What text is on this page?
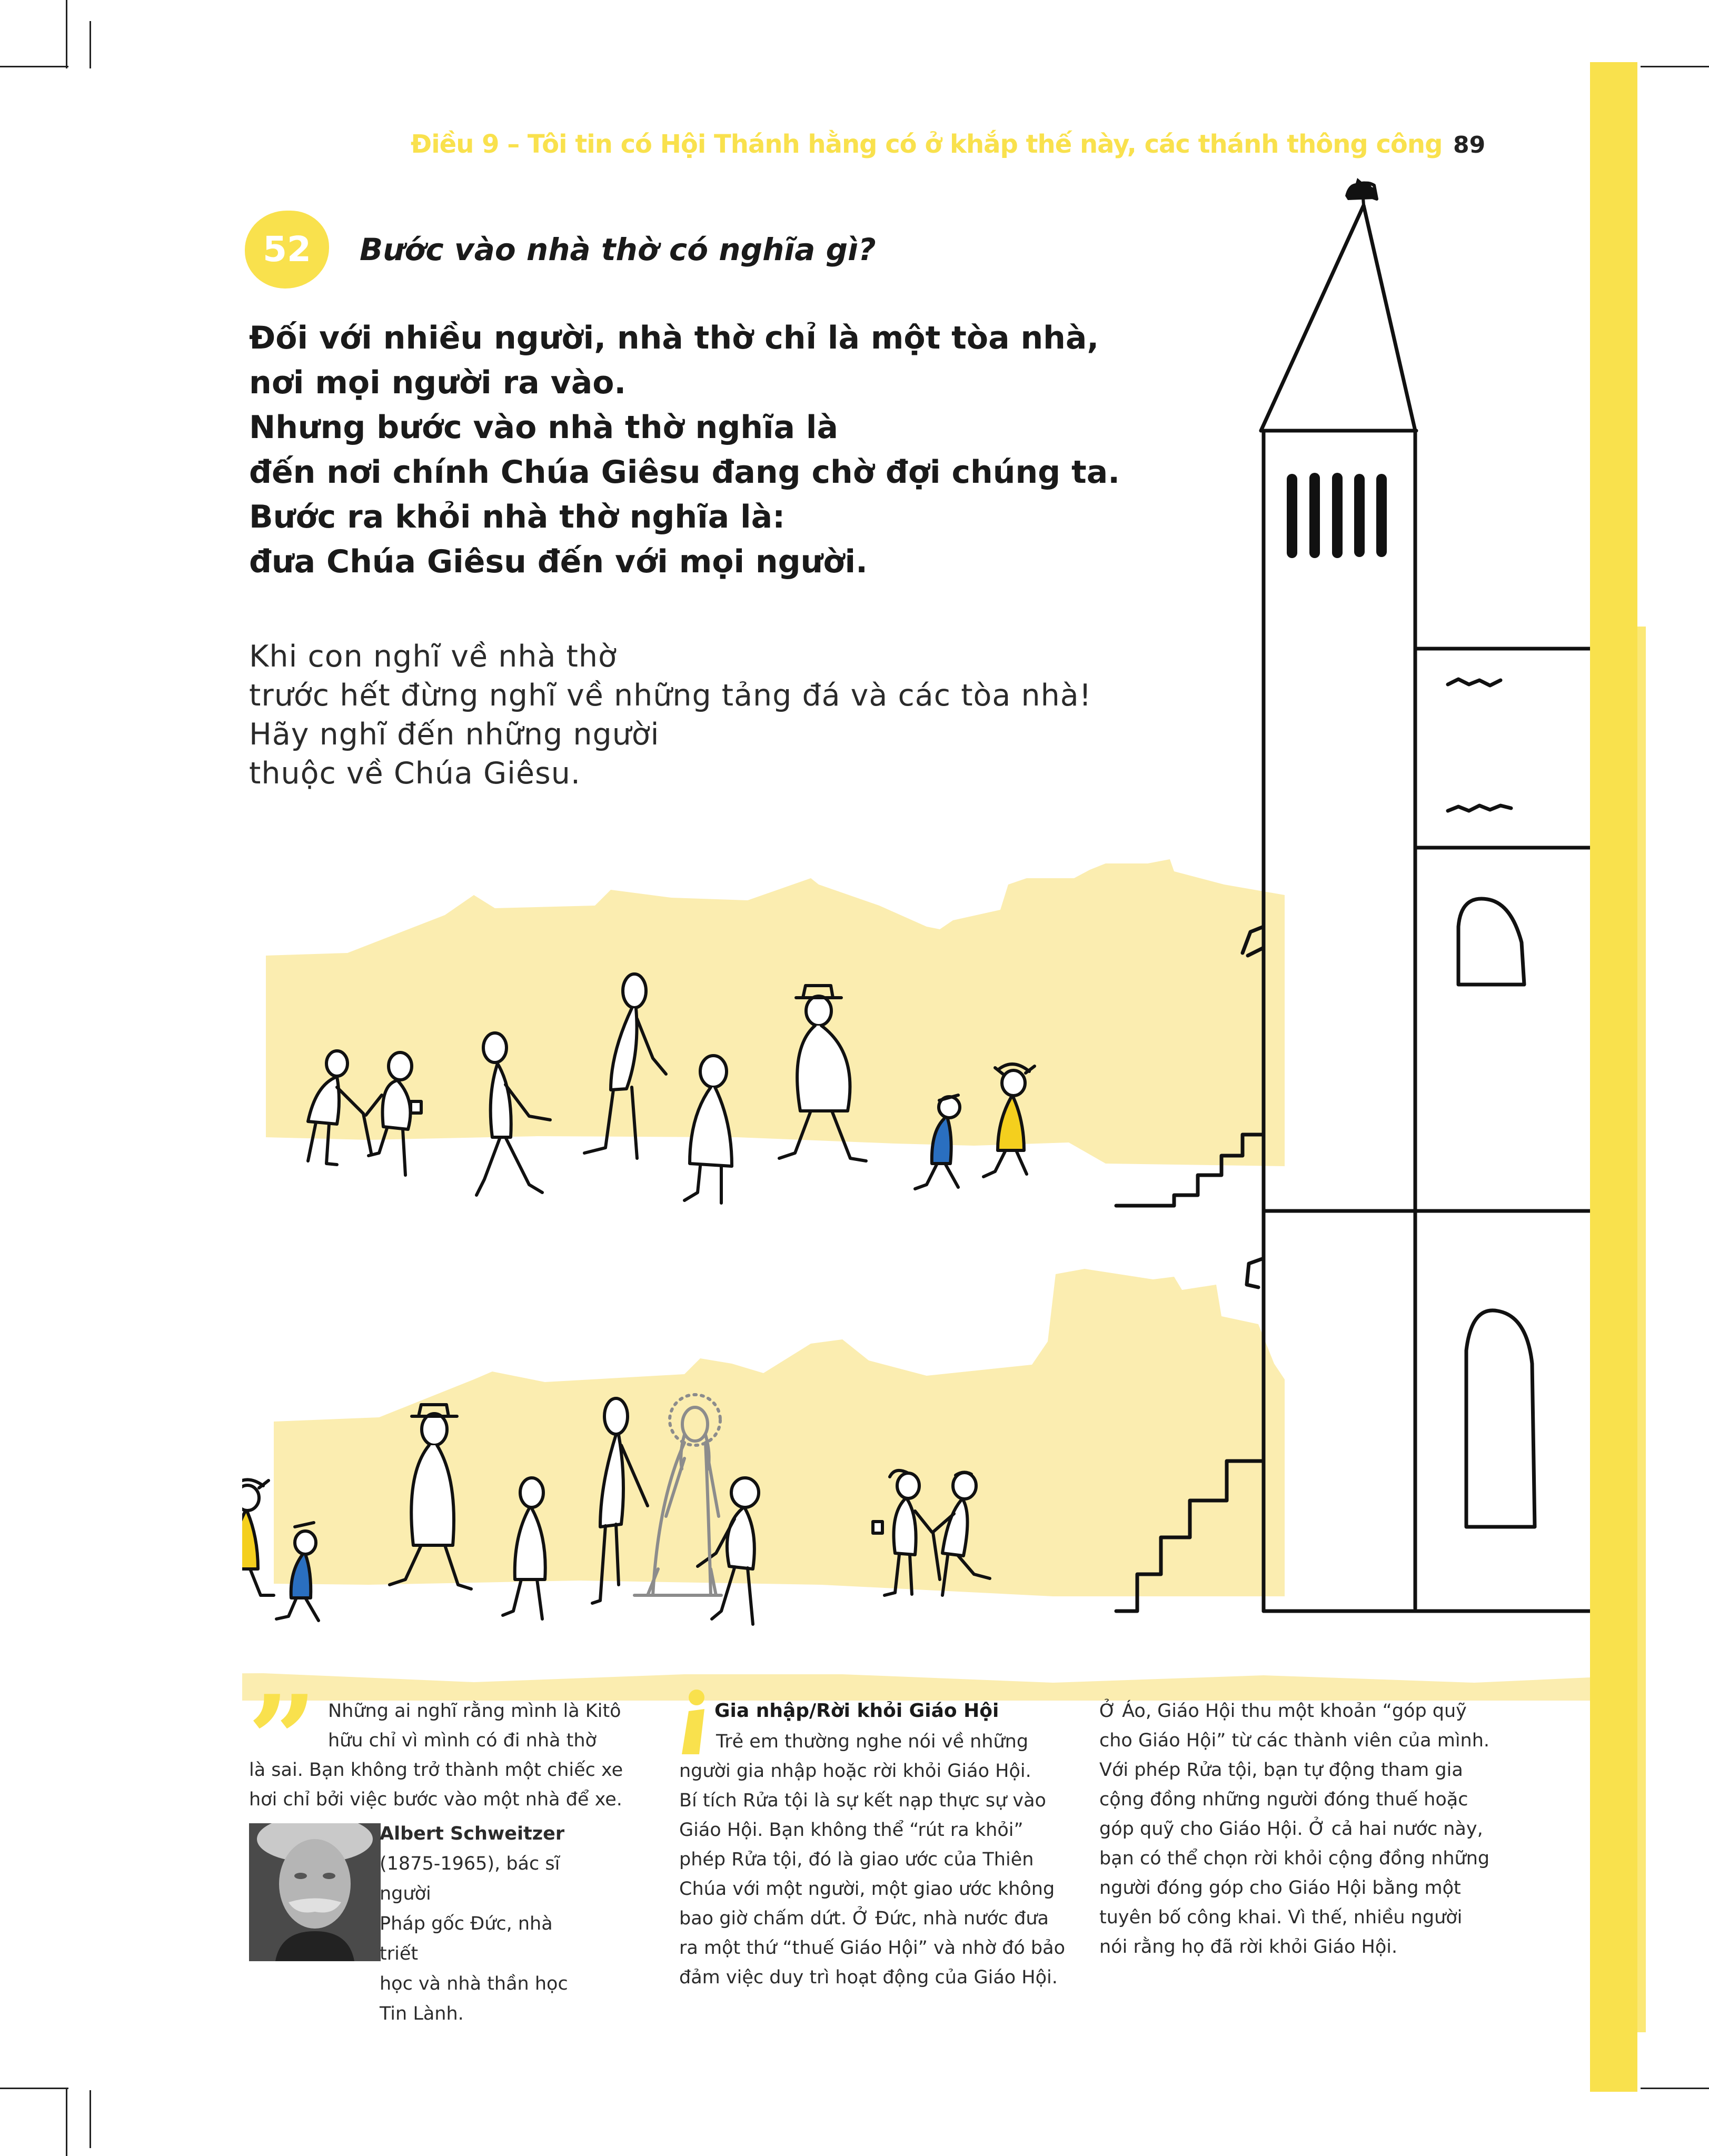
Điều 9 – Tôi tin có Hội Thánh hằng có ở khắp thế này, các thánh thông công 89
52	Bước vào nhà thờ có nghĩa gì?
Đối với nhiều người, nhà thờ chỉ là một tòa nhà,
nơi mọi người ra vào.
Nhưng bước vào nhà thờ nghĩa là
đến nơi chính Chúa Giêsu đang chờ đợi chúng ta.
Bước ra khỏi nhà thờ nghĩa là:
đưa Chúa Giêsu đến với mọi người.
Khi con nghĩ về nhà thờ
trước hết đừng nghĩ về những tảng đá và các tòa nhà!
Hãy nghĩ đến những người
thuộc về Chúa Giêsu.
” Những ai nghĩ rằng mình là Kitô
hữu chỉ vì mình có đi nhà thờ
là sai. Bạn không trở thành một chiếc xe
hơi chỉ bởi việc bước vào một nhà để xe.
Albert Schweitzer
(1875-1965), bác sĩ người
Pháp gốc Đức, nhà triết
học và nhà thần học
Tin Lành.
Gia nhập/Rời khỏi Giáo Hội
Trẻ em thường nghe nói về những
người gia nhập hoặc rời khỏi Giáo Hội.
Bí tích Rửa tội là sự kết nạp thực sự vào
Giáo Hội. Bạn không thể “rút ra khỏi”
phép Rửa tội, đó là giao ước của Thiên
Chúa với một người, một giao ước không
bao giờ chấm dứt. Ở Đức, nhà nước đưa
ra một thứ “thuế Giáo Hội” và nhờ đó bảo
đảm việc duy trì hoạt động của Giáo Hội.
Ở Áo, Giáo Hội thu một khoản “góp quỹ
cho Giáo Hội” từ các thành viên của mình.
Với phép Rửa tội, bạn tự động tham gia
cộng đồng những người đóng thuế hoặc
góp quỹ cho Giáo Hội. Ở cả hai nước này,
bạn có thể chọn rời khỏi cộng đồng những
người đóng góp cho Giáo Hội bằng một
tuyên bố công khai. Vì thế, nhiều người
nói rằng họ đã rời khỏi Giáo Hội.
